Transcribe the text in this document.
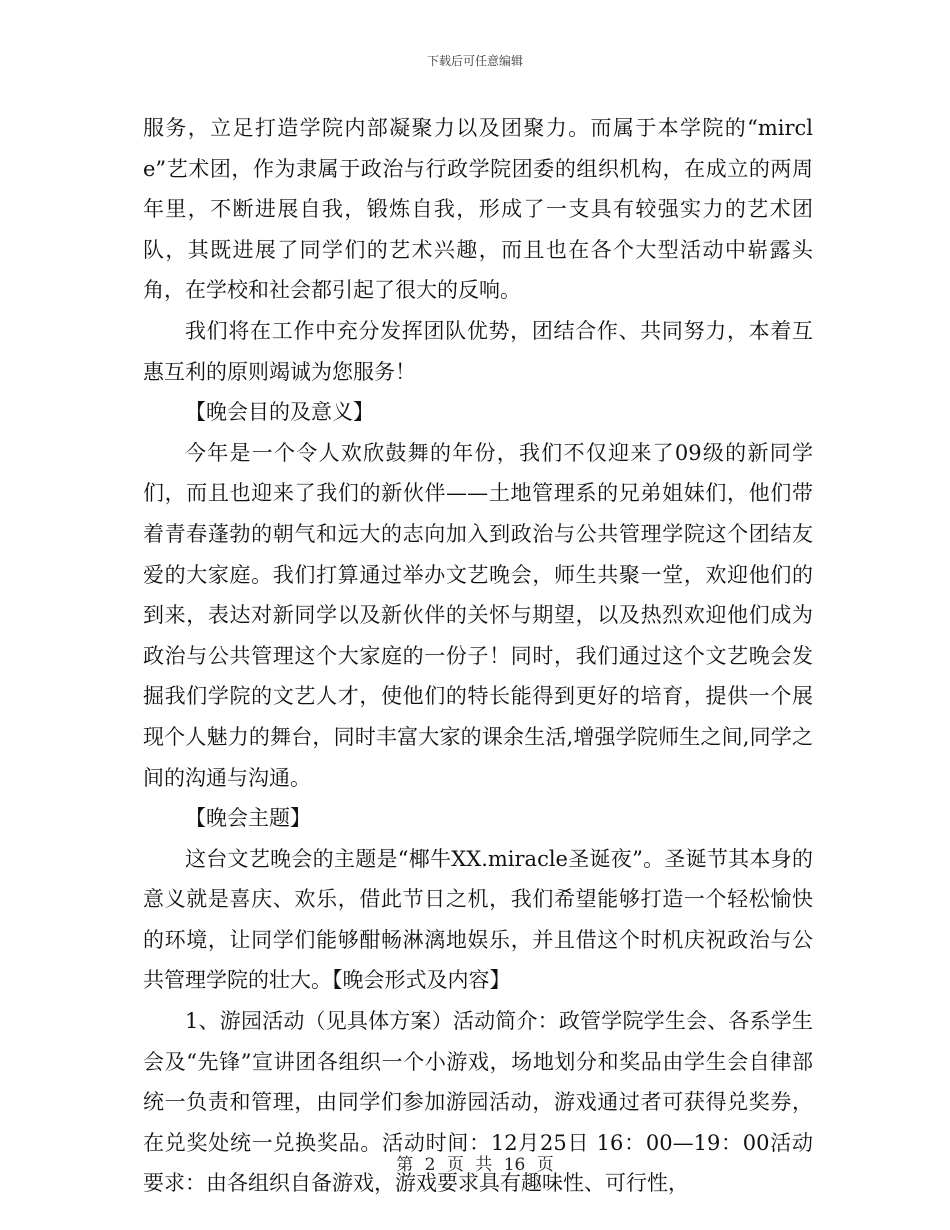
下载后可任意编辑

服务，立足打造学院内部凝聚力以及团聚力。而属于本学院的“mircle”艺术团，作为隶属于政治与行政学院团委的组织机构，在成立的两周年里，不断进展自我，锻炼自我，形成了一支具有较强实力的艺术团队，其既进展了同学们的艺术兴趣，而且也在各个大型活动中崭露头角，在学校和社会都引起了很大的反响。

我们将在工作中充分发挥团队优势，团结合作、共同努力，本着互惠互利的原则竭诚为您服务！

【晚会目的及意义】

今年是一个令人欢欣鼓舞的年份，我们不仅迎来了09级的新同学们，而且也迎来了我们的新伙伴——土地管理系的兄弟姐妹们，他们带着青春蓬勃的朝气和远大的志向加入到政治与公共管理学院这个团结友爱的大家庭。我们打算通过举办文艺晚会，师生共聚一堂，欢迎他们的到来，表达对新同学以及新伙伴的关怀与期望，以及热烈欢迎他们成为政治与公共管理这个大家庭的一份子！同时，我们通过这个文艺晚会发掘我们学院的文艺人才，使他们的特长能得到更好的培育，提供一个展现个人魅力的舞台，同时丰富大家的课余生活,增强学院师生之间,同学之间的沟通与沟通。

【晚会主题】

这台文艺晚会的主题是“椰牛XX.miracle圣诞夜”。圣诞节其本身的意义就是喜庆、欢乐，借此节日之机，我们希望能够打造一个轻松愉快的环境，让同学们能够酣畅淋漓地娱乐，并且借这个时机庆祝政治与公共管理学院的壮大。【晚会形式及内容】

1、游园活动（见具体方案）活动简介：政管学院学生会、各系学生会及“先锋”宣讲团各组织一个小游戏，场地划分和奖品由学生会自律部统一负责和管理，由同学们参加游园活动，游戏通过者可获得兑奖券，在兑奖处统一兑换奖品。活动时间：12月25日 16：00—19：00活动要求：由各组织自备游戏，游戏要求具有趣味性、可行性，

第 2 页 共 16 页
